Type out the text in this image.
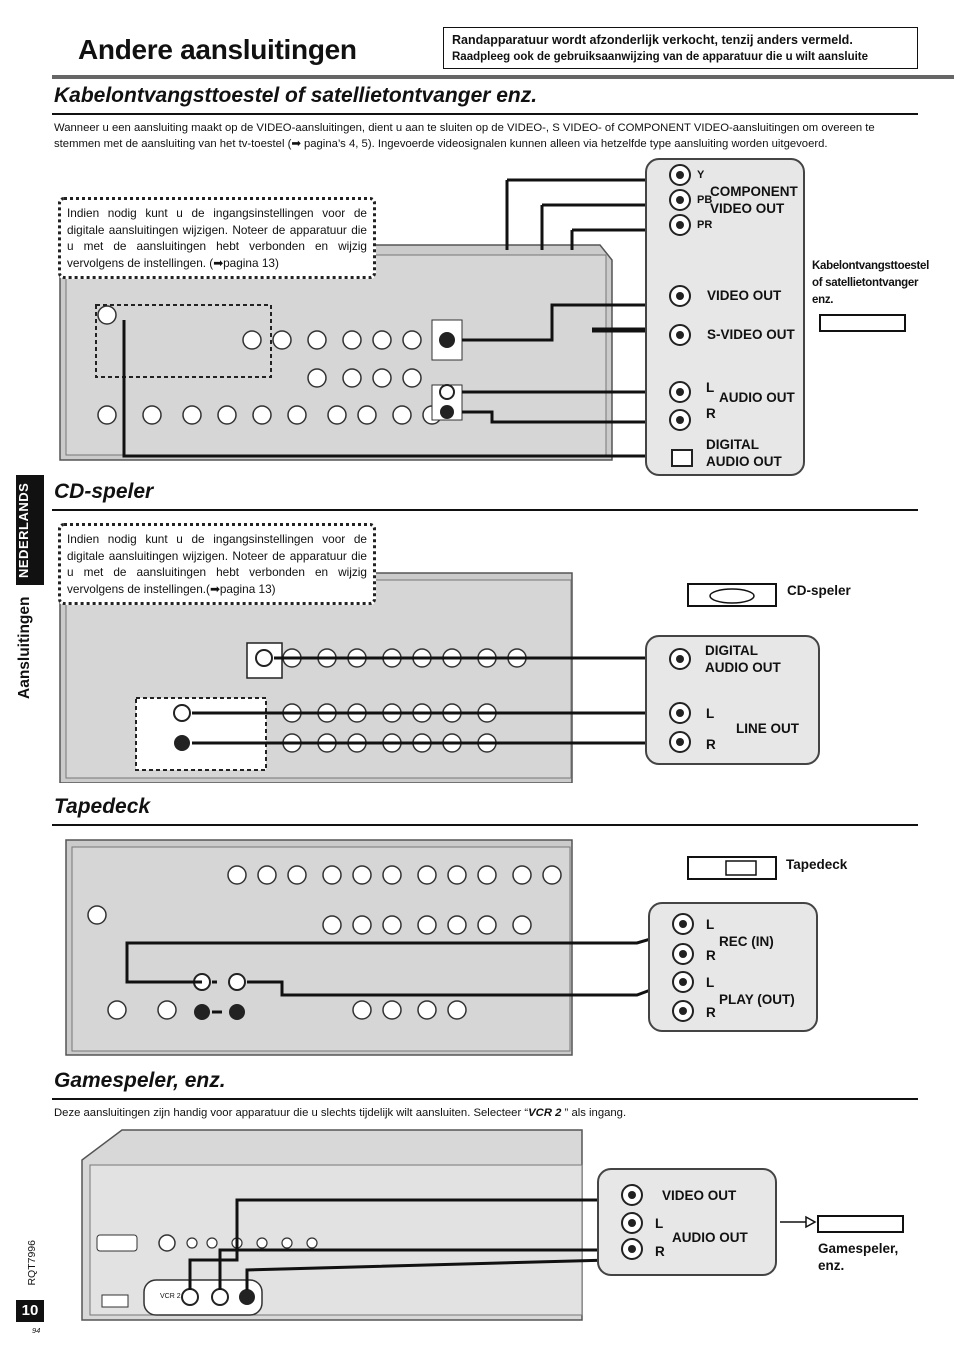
Andere aansluitingen	Randapparatuur wordt afzonderlijk verkocht, tenzij anders vermeld.
Raadpleeg ook de gebruiksaanwijzing van de apparatuur die u wilt aansluite
NEDERLANDS
Aansluitingen
RQT7996
10
94
Kabelontvangsttoestel of satellietontvanger enz.
Wanneer u een aansluiting maakt op de VIDEO-aansluitingen, dient u aan te sluiten op de VIDEO-, S VIDEO- of COMPONENT VIDEO-aansluitingen om overeen te stemmen met de aansluiting van het tv-toestel (➡ pagina’s 4, 5). Ingevoerde videosignalen kunnen alleen via hetzelfde type aansluiting worden uitgevoerd.
Indien nodig kunt u de ingangsinstellingen voor de digitale aansluitingen wijzigen. Noteer de apparatuur die u met de aansluitingen hebt verbonden en wijzig vervolgens de instellingen. (➡pagina 13)
Y
PB
PR
COMPONENT VIDEO OUT
VIDEO OUT
S-VIDEO OUT
L
R
AUDIO OUT
DIGITAL AUDIO OUT
Kabelontvangsttoestel of satellietontvanger enz.
CD-speler
Indien nodig kunt u de ingangsinstellingen voor de digitale aansluitingen wijzigen. Noteer de apparatuur die u met de aansluitingen hebt verbonden en wijzig vervolgens de instellingen.(➡pagina 13)	CD-speler
DIGITAL AUDIO OUT
L
R
LINE OUT
Tapedeck
Tapedeck
L
R
REC (IN)
L
R
PLAY (OUT)
Gamespeler, enz.
Deze aansluitingen zijn handig voor apparatuur die u slechts tijdelijk wilt aansluiten. Selecteer “VCR 2 ” als ingang.
VCR 2
VIDEO OUT
L
R
AUDIO OUT
Gamespeler, enz.
